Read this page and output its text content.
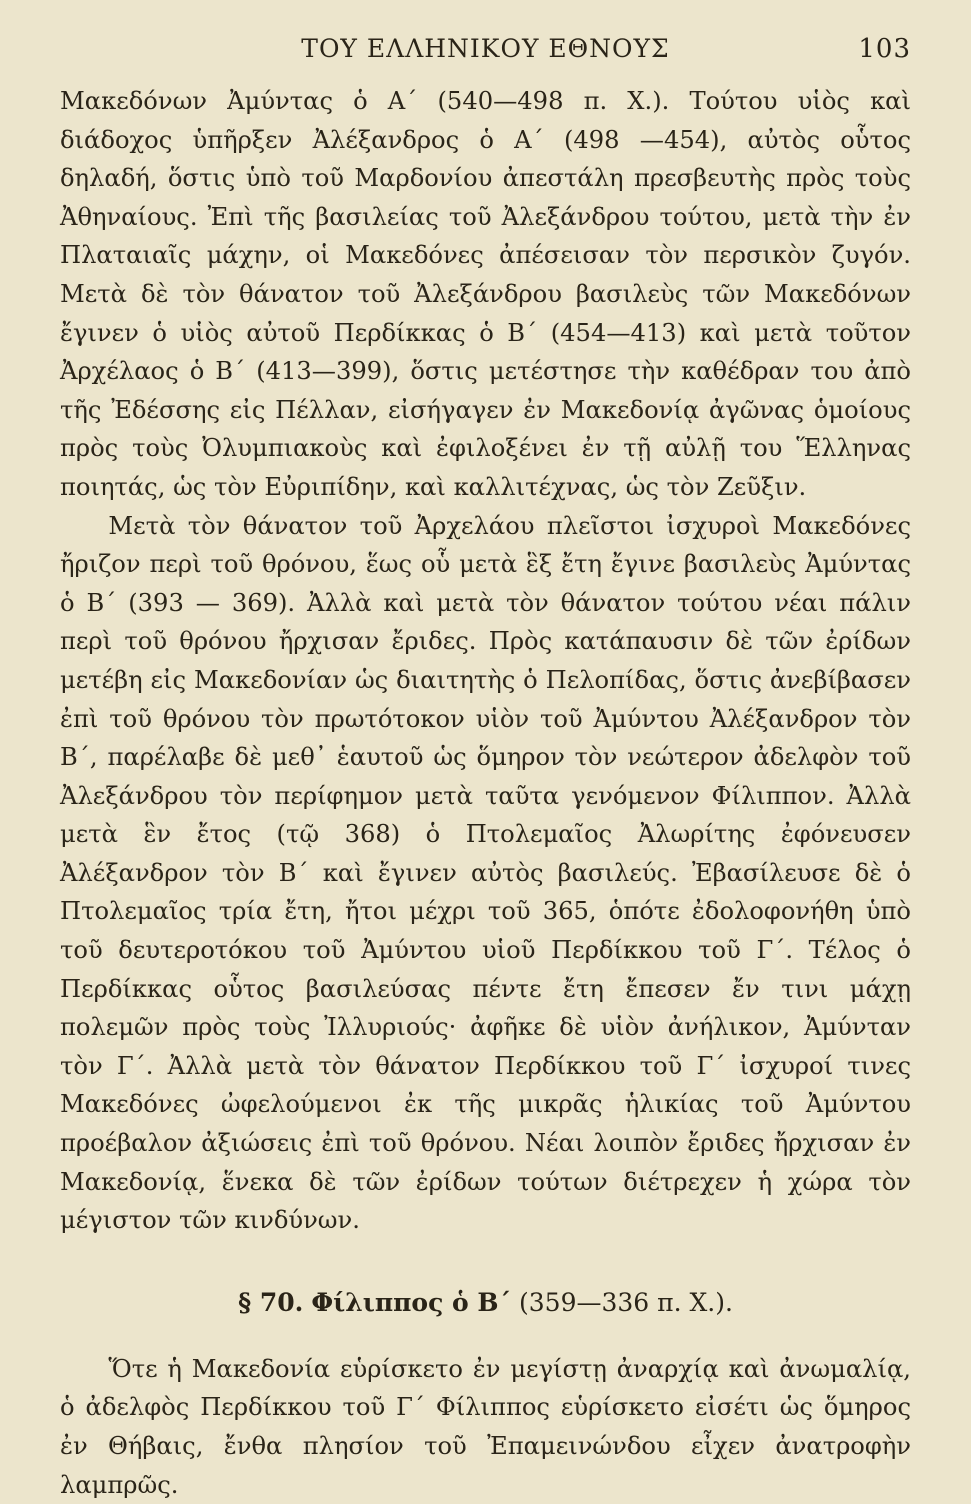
ΤΟΥ ΕΛΛΗΝΙΚΟΥ ΕΘΝΟΥΣ	103

Μακεδόνων Ἀμύντας ὁ Α΄ (540—498 π. Χ.). Τούτου υἱὸς καὶ διάδοχος ὑπῆρξεν Ἀλέξανδρος ὁ Α΄ (498 —454), αὐτὸς οὗτος δηλαδή, ὅστις ὑπὸ τοῦ Μαρδονίου ἀπεστάλη πρεσβευτὴς πρὸς τοὺς Ἀθηναίους. Ἐπὶ τῆς βασιλείας τοῦ Ἀλεξάνδρου τούτου, μετὰ τὴν ἐν Πλαταιαῖς μάχην, οἱ Μακεδόνες ἀπέσεισαν τὸν περσικὸν ζυγόν. Μετὰ δὲ τὸν θάνατον τοῦ Ἀλεξάνδρου βασιλεὺς τῶν Μακεδόνων ἔγινεν ὁ υἱὸς αὐτοῦ Περδίκκας ὁ Β΄ (454—413) καὶ μετὰ τοῦτον Ἀρχέλαος ὁ Β΄ (413—399), ὅστις μετέστησε τὴν καθέδραν του ἀπὸ τῆς Ἐδέσσης εἰς Πέλλαν, εἰσήγαγεν ἐν Μακεδονίᾳ ἀγῶνας ὁμοίους πρὸς τοὺς Ὀλυμπιακοὺς καὶ ἐφιλοξένει ἐν τῇ αὐλῇ του Ἕλληνας ποιητάς, ὡς τὸν Εὐριπίδην, καὶ καλλιτέχνας, ὡς τὸν Ζεῦξιν.

Μετὰ τὸν θάνατον τοῦ Ἀρχελάου πλεῖστοι ἰσχυροὶ Μακεδόνες ἤριζον περὶ τοῦ θρόνου, ἕως οὗ μετὰ ἓξ ἔτη ἔγινε βασιλεὺς Ἀμύντας ὁ Β΄ (393 — 369). Ἀλλὰ καὶ μετὰ τὸν θάνατον τούτου νέαι πάλιν περὶ τοῦ θρόνου ἤρχισαν ἔριδες. Πρὸς κατάπαυσιν δὲ τῶν ἐρίδων μετέβη εἰς Μακεδονίαν ὡς διαιτητὴς ὁ Πελοπίδας, ὅστις ἀνεβίβασεν ἐπὶ τοῦ θρόνου τὸν πρωτότοκον υἱὸν τοῦ Ἀμύντου Ἀλέξανδρον τὸν Β΄, παρέλαβε δὲ μεθ᾽ ἑαυτοῦ ὡς ὅμηρον τὸν νεώτερον ἀδελφὸν τοῦ Ἀλεξάνδρου τὸν περίφημον μετὰ ταῦτα γενόμενον Φίλιππον. Ἀλλὰ μετὰ ἓν ἔτος (τῷ 368) ὁ Πτολεμαῖος Ἀλωρίτης ἐφόνευσεν Ἀλέξανδρον τὸν Β΄ καὶ ἔγινεν αὐτὸς βασιλεύς. Ἐβασίλευσε δὲ ὁ Πτολεμαῖος τρία ἔτη, ἤτοι μέχρι τοῦ 365, ὁπότε ἐδολοφονήθη ὑπὸ τοῦ δευτεροτόκου τοῦ Ἀμύντου υἱοῦ Περδίκκου τοῦ Γ΄. Τέλος ὁ Περδίκκας οὗτος βασιλεύσας πέντε ἔτη ἔπεσεν ἔν τινι μάχῃ πολεμῶν πρὸς τοὺς Ἰλλυριούς· ἀφῆκε δὲ υἱὸν ἀνήλικον, Ἀμύνταν τὸν Γ΄. Ἀλλὰ μετὰ τὸν θάνατον Περδίκκου τοῦ Γ΄ ἰσχυροί τινες Μακεδόνες ὠφελούμενοι ἐκ τῆς μικρᾶς ἡλικίας τοῦ Ἀμύντου προέβαλον ἀξιώσεις ἐπὶ τοῦ θρόνου. Νέαι λοιπὸν ἔριδες ἤρχισαν ἐν Μακεδονίᾳ, ἕνεκα δὲ τῶν ἐρίδων τούτων διέτρεχεν ἡ χώρα τὸν μέγιστον τῶν κινδύνων.

§ 70. Φίλιππος ὁ Β΄ (359—336 π. Χ.).

Ὅτε ἡ Μακεδονία εὑρίσκετο ἐν μεγίστῃ ἀναρχίᾳ καὶ ἀνωμαλίᾳ, ὁ ἀδελφὸς Περδίκκου τοῦ Γ΄ Φίλιππος εὑρίσκετο εἰσέτι ὡς ὅμηρος ἐν Θήβαις, ἔνθα πλησίον τοῦ Ἐπαμεινώνδου εἶχεν ἀνατροφὴν λαμπρῶς.
